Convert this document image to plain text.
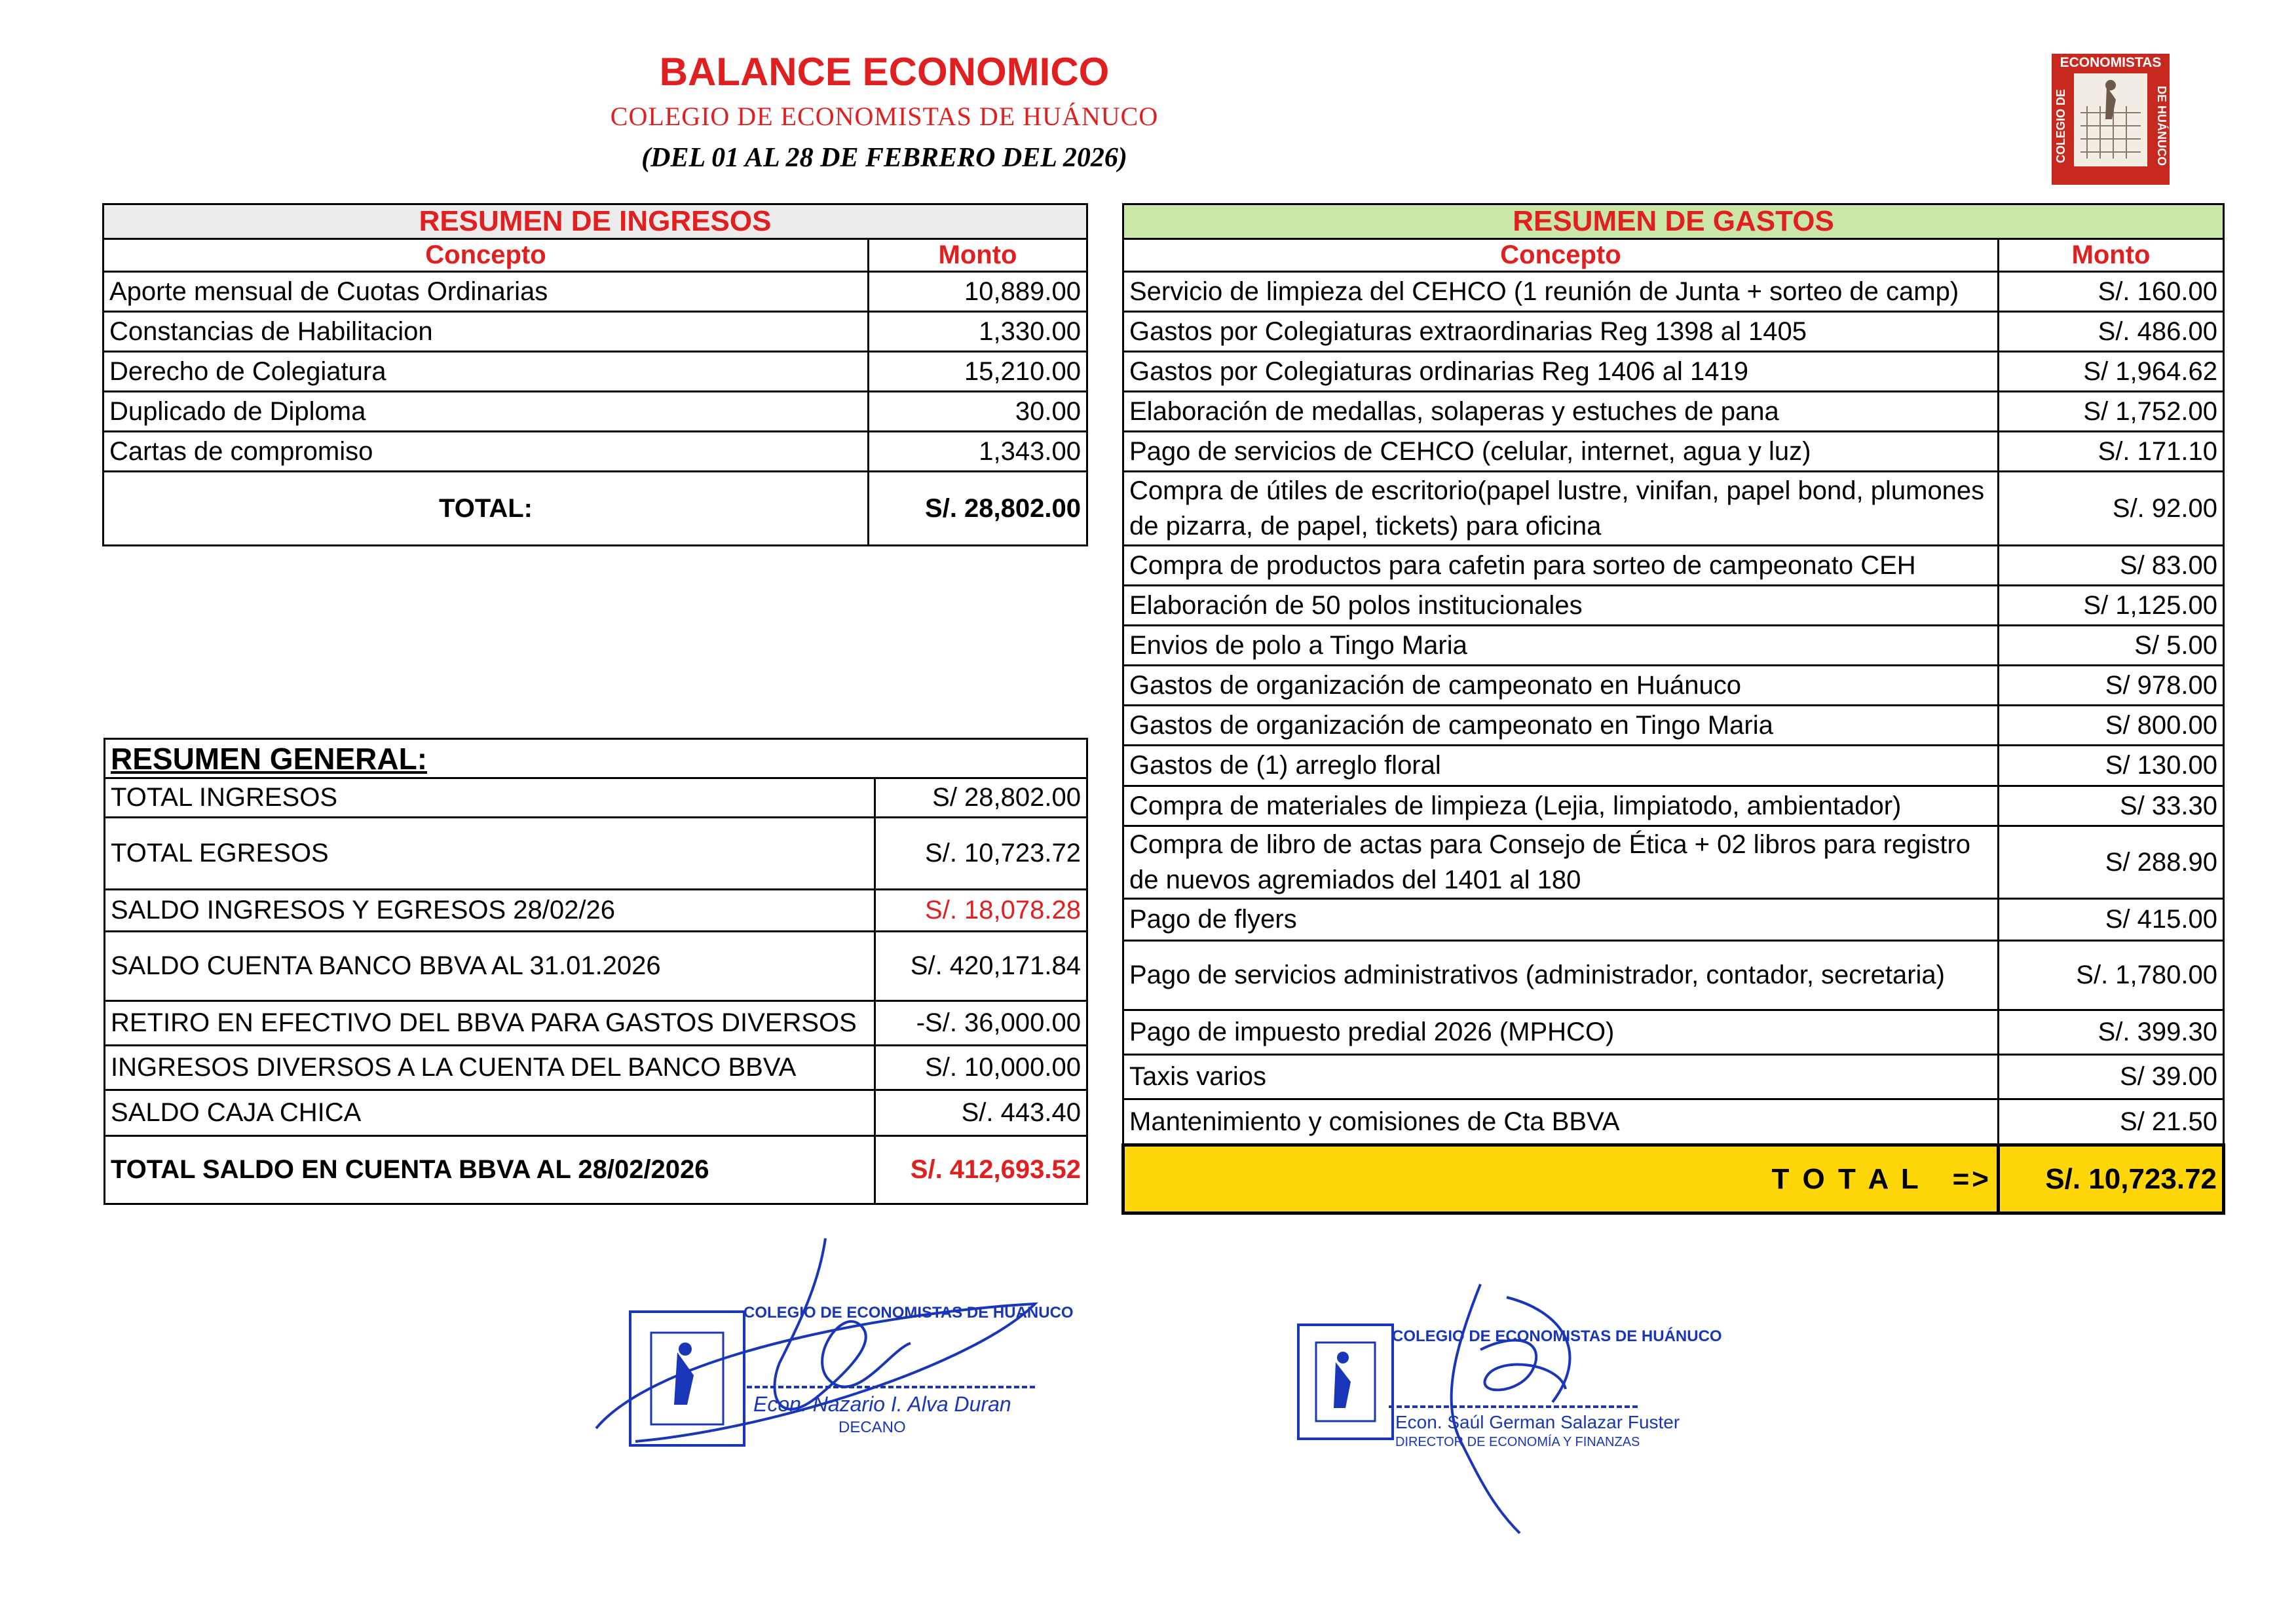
BALANCE ECONOMICO
COLEGIO DE ECONOMISTAS DE HUÁNUCO
(DEL 01 AL 28 DE FEBRERO DEL 2026)
ECONOMISTAS
COLEGIO DE	DE HUÁNUCO

RESUMEN DE INGRESOS	
Concepto	Monto
Aporte mensual de Cuotas Ordinarias	10,889.00
Constancias de Habilitacion	1,330.00
Derecho de Colegiatura	15,210.00
Duplicado de Diploma	30.00
Cartas de compromiso	1,343.00
TOTAL:	S/. 28,802.00
RESUMEN GENERAL:	
TOTAL INGRESOS	S/ 28,802.00
TOTAL EGRESOS	S/. 10,723.72
SALDO INGRESOS Y EGRESOS 28/02/26	S/. 18,078.28
SALDO CUENTA BANCO BBVA AL 31.01.2026	S/. 420,171.84
RETIRO EN EFECTIVO DEL BBVA PARA GASTOS DIVERSOS	-S/. 36,000.00
INGRESOS DIVERSOS A LA CUENTA DEL BANCO BBVA	S/. 10,000.00
SALDO CAJA CHICA	S/. 443.40
TOTAL SALDO EN CUENTA BBVA AL 28/02/2026	S/. 412,693.52
RESUMEN DE GASTOS	
Concepto	Monto
Servicio de limpieza del CEHCO (1 reunión de Junta + sorteo de camp)	S/. 160.00
Gastos por Colegiaturas extraordinarias Reg 1398 al 1405	S/. 486.00
Gastos por Colegiaturas ordinarias Reg 1406 al 1419	S/ 1,964.62
Elaboración de medallas, solaperas y estuches de pana	S/ 1,752.00
Pago de servicios de CEHCO (celular, internet, agua y luz)	S/. 171.10
Compra de útiles de escritorio(papel lustre, vinifan, papel bond, plumones de pizarra, de papel, tickets) para oficina	S/. 92.00
Compra de productos para cafetin para sorteo de campeonato CEH	S/ 83.00
Elaboración de 50 polos institucionales	S/ 1,125.00
Envios de polo a Tingo Maria	S/ 5.00
Gastos de organización de campeonato en Huánuco	S/ 978.00
Gastos de organización de campeonato en Tingo Maria	S/ 800.00
Gastos de (1) arreglo floral	S/ 130.00
Compra de materiales de limpieza (Lejia, limpiatodo, ambientador)	S/ 33.30
Compra de libro de actas para Consejo de Ética + 02 libros para registro de nuevos agremiados del 1401 al 180	S/ 288.90
Pago de flyers	S/ 415.00
Pago de servicios administrativos (administrador, contador, secretaria)	S/. 1,780.00
Pago de impuesto predial 2026 (MPHCO)	S/. 399.30
Taxis varios	S/ 39.00
Mantenimiento y comisiones de Cta BBVA	S/ 21.50
T O T A L   =>	S/. 10,723.72
COLEGIO DE ECONOMISTAS DE HUÁNUCO
Econ. Nazario I. Alva Duran
DECANO
COLEGIO DE ECONOMISTAS DE HUÁNUCO
Econ. Saúl German Salazar Fuster
DIRECTOR DE ECONOMÍA Y FINANZAS
